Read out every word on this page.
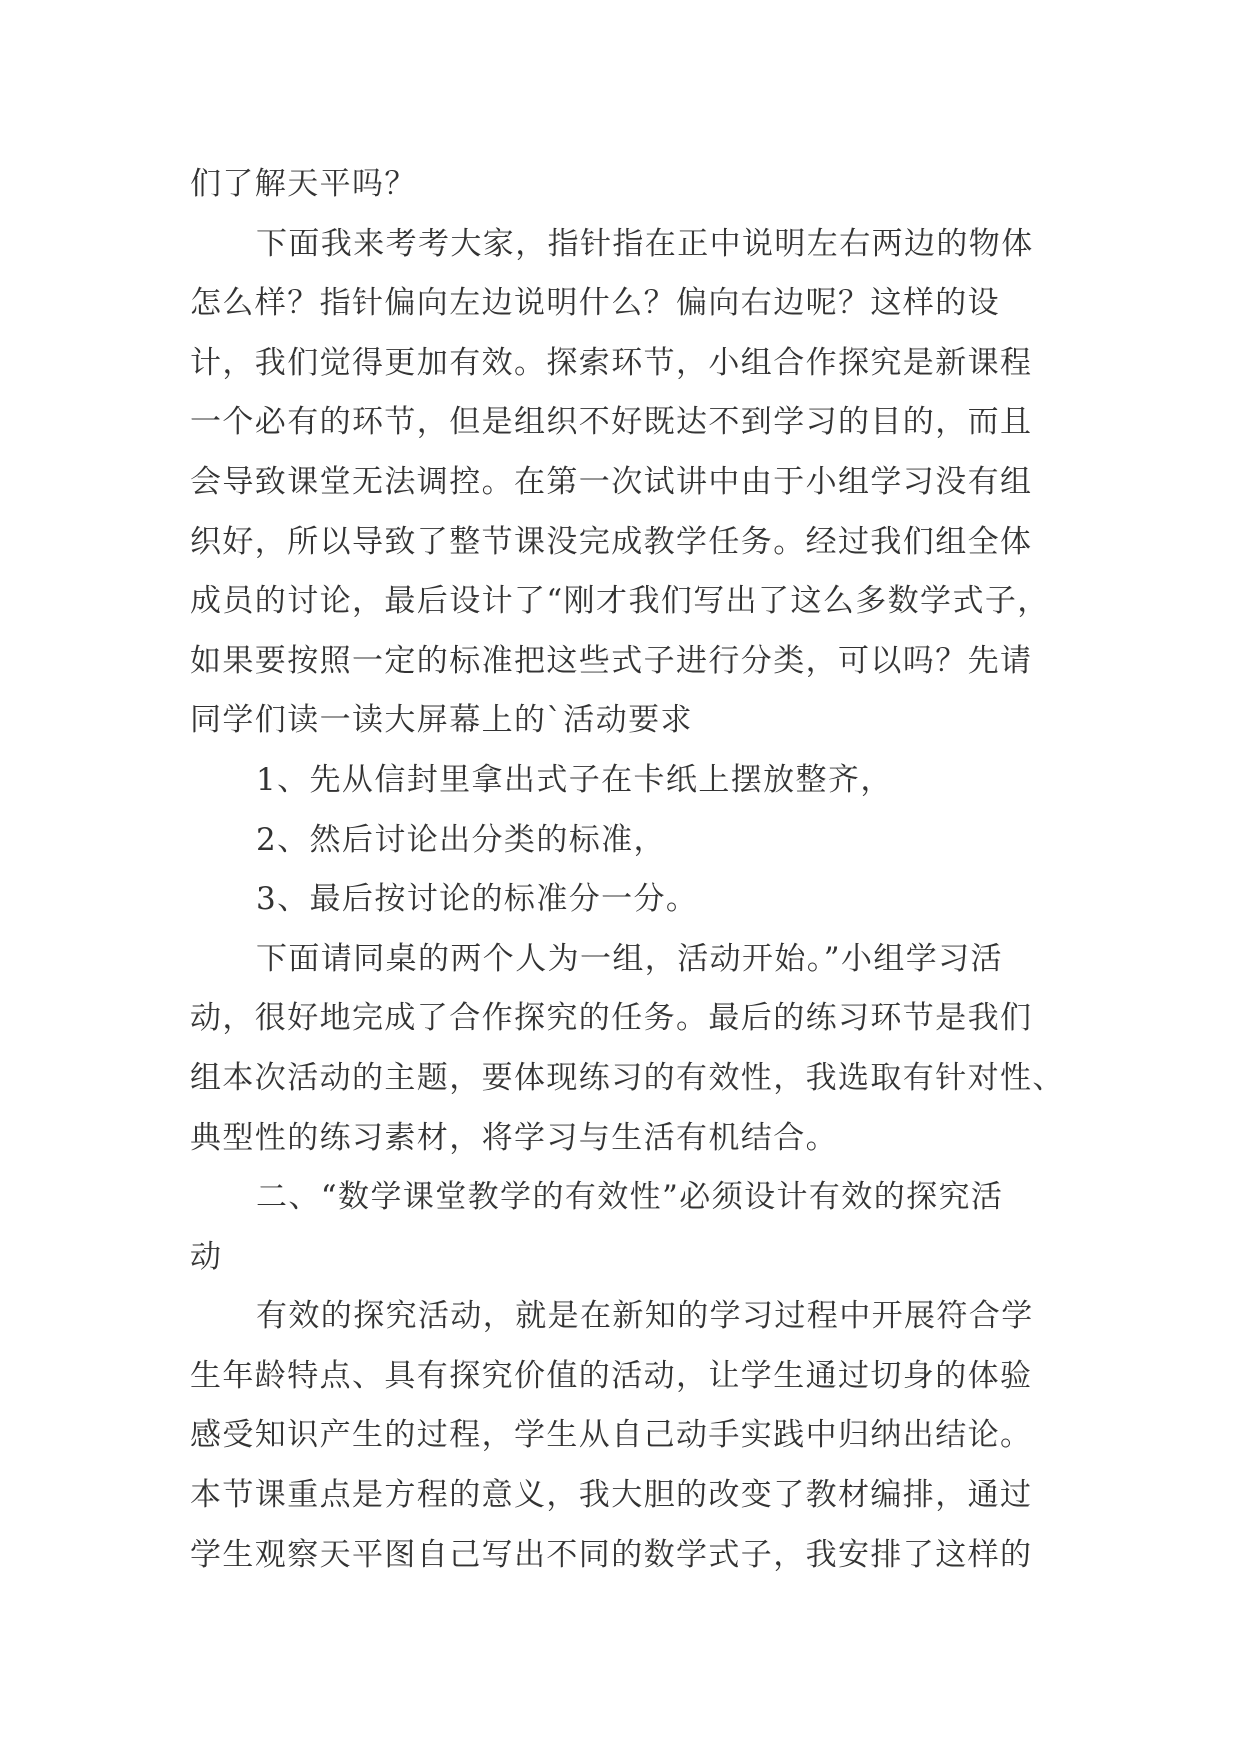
们了解天平吗？
下面我来考考大家，指针指在正中说明左右两边的物体
怎么样？指针偏向左边说明什么？偏向右边呢？这样的设
计，我们觉得更加有效。探索环节，小组合作探究是新课程
一个必有的环节，但是组织不好既达不到学习的目的，而且
会导致课堂无法调控。在第一次试讲中由于小组学习没有组
织好，所以导致了整节课没完成教学任务。经过我们组全体
成员的讨论，最后设计了“刚才我们写出了这么多数学式子，
如果要按照一定的标准把这些式子进行分类，可以吗？先请
同学们读一读大屏幕上的`活动要求
1、先从信封里拿出式子在卡纸上摆放整齐，
2、然后讨论出分类的标准，
3、最后按讨论的标准分一分。
下面请同桌的两个人为一组，活动开始。”小组学习活
动，很好地完成了合作探究的任务。最后的练习环节是我们
组本次活动的主题，要体现练习的有效性，我选取有针对性、
典型性的练习素材，将学习与生活有机结合。
二、“数学课堂教学的有效性”必须设计有效的探究活
动
有效的探究活动，就是在新知的学习过程中开展符合学
生年龄特点、具有探究价值的活动，让学生通过切身的体验
感受知识产生的过程，学生从自己动手实践中归纳出结论。
本节课重点是方程的意义，我大胆的改变了教材编排，通过
学生观察天平图自己写出不同的数学式子，我安排了这样的
